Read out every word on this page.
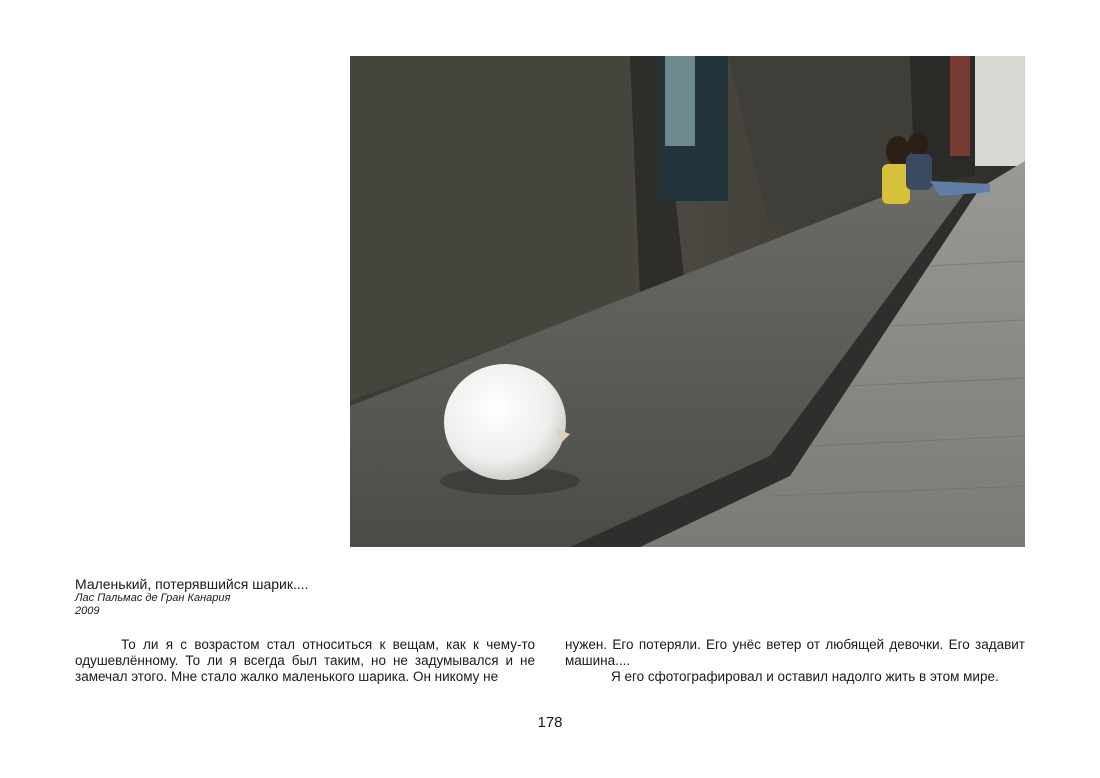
Маленький, потерявшийся шарик....
Лас Пальмас де Гран Канария
2009

То ли я с возрастом стал относиться к вещам, как к чему-то одушевлённому. То ли я всегда был таким, но не задумывался и не замечал этого. Мне стало жалко маленького шарика. Он никому не

нужен. Его потеряли. Его унёс ветер от любящей девочки. Его задавит машина....

Я его сфотографировал и оставил надолго жить в этом мире.

178
